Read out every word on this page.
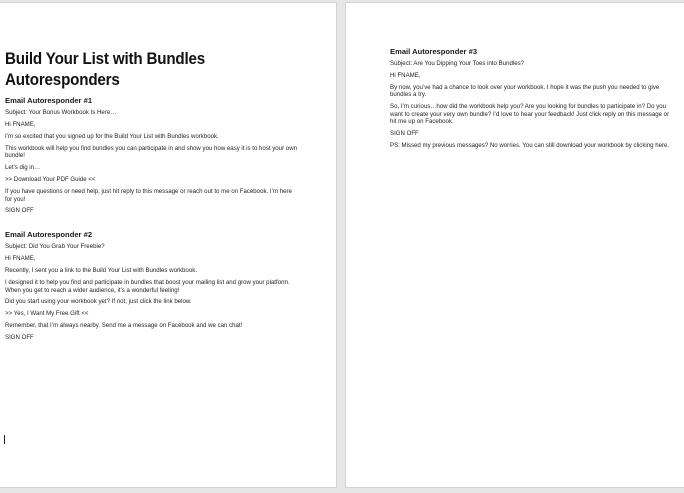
Build Your List with Bundles Autoresponders
Email Autoresponder #1

Subject: Your Bonus Workbook Is Here…

Hi FNAME,

I’m so excited that you signed up for the Build Your List with Bundles workbook.

This workbook will help you find bundles you can participate in and show you how easy it is to host your own bundle!

Let’s dig in…

>> Download Your PDF Guide <<

If you have questions or need help, just hit reply to this message or reach out to me on Facebook. I’m here for you!

SIGN OFF

Email Autoresponder #2

Subject: Did You Grab Your Freebie?

Hi FNAME,

Recently, I sent you a link to the Build Your List with Bundles workbook.

I designed it to help you find and participate in bundles that boost your mailing list and grow your platform. When you get to reach a wider audience, it’s a wonderful feeling!

Did you start using your workbook yet? If not, just click the link below.

>> Yes, I Want My Free Gift <<

Remember, that I’m always nearby. Send me a message on Facebook and we can chat!

SIGN OFF

Email Autoresponder #3

Subject: Are You Dipping Your Toes into Bundles?

Hi FNAME,

By now, you’ve had a chance to look over your workbook. I hope it was the push you needed to give bundles a try.

So, I’m curious…how did the workbook help you? Are you looking for bundles to participate in? Do you want to create your very own bundle? I’d love to hear your feedback! Just click reply on this message or hit me up on Facebook.

SIGN OFF

PS: Missed my previous messages? No worries. You can still download your workbook by clicking here.
